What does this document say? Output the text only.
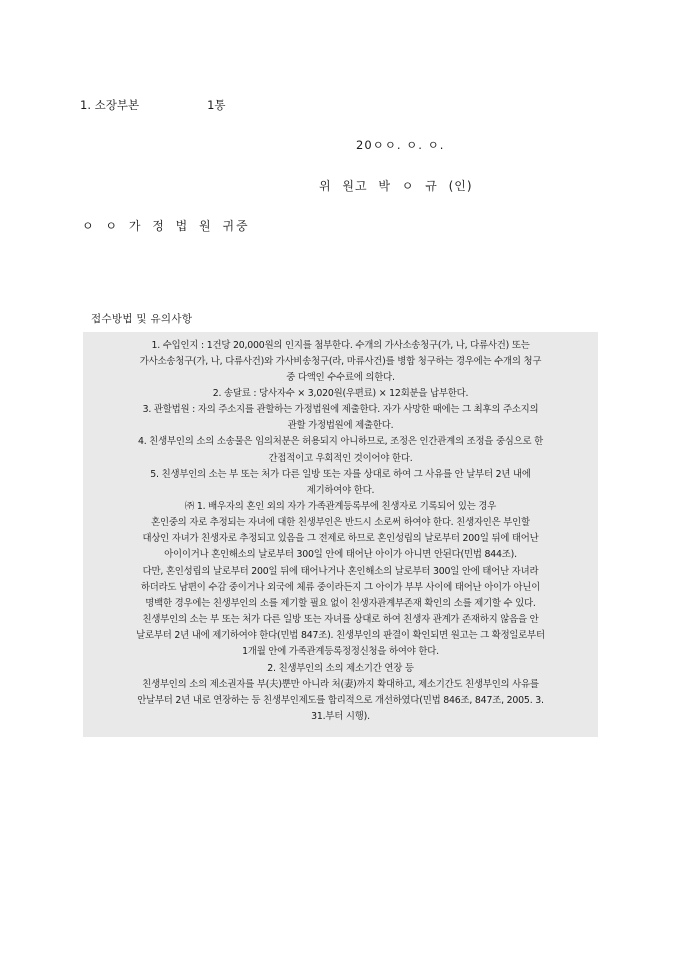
1. 소장부본	1통
20ㅇㅇ. ㅇ. ㅇ.
위 원고 박 ㅇ 규 (인)
ㅇ ㅇ 가 정 법 원 귀중
접수방법 및 유의사항
1. 수입인지 : 1건당 20,000원의 인지를 첨부한다. 수개의 가사소송청구(가, 나, 다류사건) 또는
가사소송청구(가, 나, 다류사건)와 가사비송청구(라, 마류사건)를 병합 청구하는 경우에는 수개의 청구
중 다액인 수수료에 의한다.
2. 송달료 : 당사자수 × 3,020원(우편료) × 12회분을 납부한다.
3. 관할법원 : 자의 주소지를 관할하는 가정법원에 제출한다. 자가 사망한 때에는 그 최후의 주소지의
관할 가정법원에 제출한다.
4. 친생부인의 소의 소송물은 임의처분은 허용되지 아니하므로, 조정은 인간관계의 조정을 중심으로 한
간접적이고 우회적인 것이어야 한다.
5. 친생부인의 소는 부 또는 처가 다른 일방 또는 자를 상대로 하여 그 사유를 안 날부터 2년 내에
제기하여야 한다.
㈜ 1. 배우자의 혼인 외의 자가 가족관계등록부에 친생자로 기록되어 있는 경우
혼인중의 자로 추정되는 자녀에 대한 친생부인은 반드시 소로써 하여야 한다. 친생자인은 부인할
대상인 자녀가 친생자로 추정되고 있음을 그 전제로 하므로 혼인성립의 날로부터 200일 뒤에 태어난
아이이거나 혼인해소의 날로부터 300일 안에 태어난 아이가 아니면 안된다(민법 844조).
다만, 혼인성립의 날로부터 200일 뒤에 태어나거나 혼인해소의 날로부터 300일 안에 태어난 자녀라
하더라도 남편이 수감 중이거나 외국에 체류 중이라든지 그 아이가 부부 사이에 태어난 아이가 아닌이
명백한 경우에는 친생부인의 소를 제기할 필요 없이 친생자관계부존재 확인의 소를 제기할 수 있다.
친생부인의 소는 부 또는 처가 다른 일방 또는 자녀를 상대로 하여 친생자 관계가 존재하지 않음을 안
날로부터 2년 내에 제기하여야 한다(민법 847조). 친생부인의 판결이 확인되면 원고는 그 확정일로부터
1개월 안에 가족관계등록정정신청을 하여야 한다.
2. 친생부인의 소의 제소기간 연장 등
친생부인의 소의 제소권자를 부(夫)뿐만 아니라 처(妻)까지 확대하고, 제소기간도 친생부인의 사유를
안날부터 2년 내로 연장하는 등 친생부인제도를 합리적으로 개선하였다(민법 846조, 847조, 2005. 3.
31.부터 시행).
